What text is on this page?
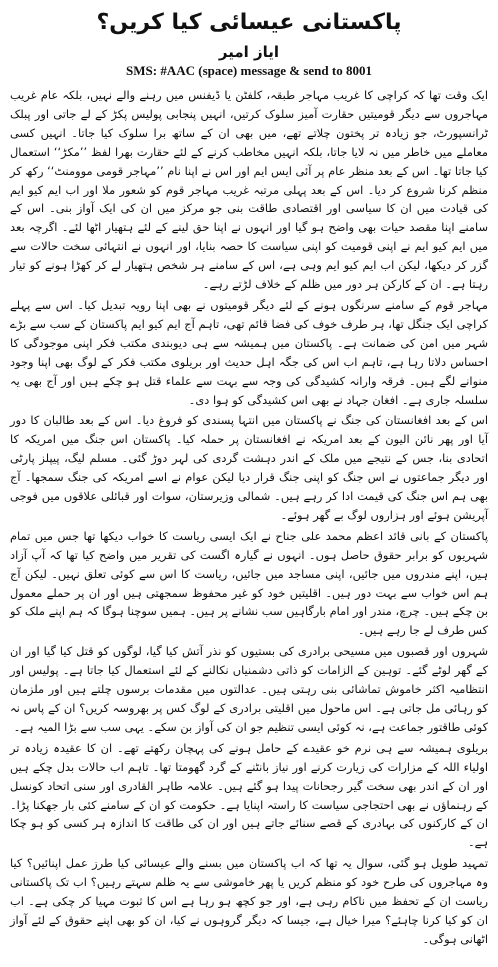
پاکستانی عیسائی کیا کریں؟
ایاز امیر
SMS: #AAC (space) message & send to 8001

ایک وقت تھا کہ کراچی کا غریب مہاجر طبقہ، کلفٹن یا ڈیفنس میں رہنے والے نہیں، بلکہ عام غریب مہاجروں سے دیگر قومیتیں حقارت آمیز سلوک کرتیں، انہیں پنجابی پولیس پکڑ کے لے جاتی اور پبلک ٹرانسپورٹ، جو زیادہ تر پختون چلاتے تھے، میں بھی ان کے ساتھ برا سلوک کیا جاتا۔ انہیں کسی معاملے میں خاطر میں نہ لایا جاتا، بلکہ انہیں مخاطب کرنے کے لئے حقارت بھرا لفظ ’’مکڑ‘‘ استعمال کیا جاتا تھا۔ اس کے بعد منظر عام پر آئی ایس ایم اور اس نے اپنا نام ’’مہاجر قومی موومنٹ‘‘ رکھ کر منظم کرنا شروع کر دیا۔ اس کے بعد پہلی مرتبہ غریب مہاجر قوم کو شعور ملا اور اب ایم کیو ایم کی قیادت میں ان کا سیاسی اور اقتصادی طاقت بنی جو مرکز میں ان کی ایک آواز بنی۔ اس کے سامنے اپنا مقصد حیات بھی واضح ہو گیا اور انہوں نے اپنا حق لینے کے لئے ہتھیار اٹھا لئے۔ اگرچہ بعد میں ایم کیو ایم نے اپنی قومیت کو اپنی سیاست کا حصہ بنایا، اور انہوں نے انتہائی سخت حالات سے گزر کر دیکھا، لیکن اب ایم کیو ایم وہی ہے، اس کے سامنے ہر شخص ہتھیار لے کر کھڑا ہونے کو تیار رہتا ہے۔ ان کے کارکن ہر دور میں ظلم کے خلاف لڑتے رہے۔

مہاجر قوم کے سامنے سرنگوں ہونے کے لئے دیگر قومیتوں نے بھی اپنا رویہ تبدیل کیا۔ اس سے پہلے کراچی ایک جنگل تھا، ہر طرف خوف کی فضا قائم تھی، تاہم آج ایم کیو ایم پاکستان کے سب سے بڑے شہر میں امن کی ضمانت ہے۔ پاکستان میں ہمیشہ سے ہی دیوبندی مکتب فکر اپنی موجودگی کا احساس دلاتا رہا ہے، تاہم اب اس کی جگہ اہل حدیث اور بریلوی مکتب فکر کے لوگ بھی اپنا وجود منوانے لگے ہیں۔ فرقہ وارانہ کشیدگی کی وجہ سے بہت سے علماء قتل ہو چکے ہیں اور آج بھی یہ سلسلہ جاری ہے۔ افغان جہاد نے بھی اس کشیدگی کو ہوا دی۔

اس کے بعد افغانستان کی جنگ نے پاکستان میں انتہا پسندی کو فروغ دیا۔ اس کے بعد طالبان کا دور آیا اور پھر نائن الیون کے بعد امریکہ نے افغانستان پر حملہ کیا۔ پاکستان اس جنگ میں امریکہ کا اتحادی بنا، جس کے نتیجے میں ملک کے اندر دہشت گردی کی لہر دوڑ گئی۔ مسلم لیگ، پیپلز پارٹی اور دیگر جماعتوں نے اس جنگ کو اپنی جنگ قرار دیا لیکن عوام نے اسے امریکہ کی جنگ سمجھا۔ آج بھی ہم اس جنگ کی قیمت ادا کر رہے ہیں۔ شمالی وزیرستان، سوات اور قبائلی علاقوں میں فوجی آپریشن ہوئے اور ہزاروں لوگ بے گھر ہوئے۔

پاکستان کے بانی قائد اعظم محمد علی جناح نے ایک ایسی ریاست کا خواب دیکھا تھا جس میں تمام شہریوں کو برابر حقوق حاصل ہوں۔ انہوں نے گیارہ اگست کی تقریر میں واضح کیا تھا کہ آپ آزاد ہیں، اپنے مندروں میں جائیں، اپنی مساجد میں جائیں، ریاست کا اس سے کوئی تعلق نہیں۔ لیکن آج ہم اس خواب سے بہت دور ہیں۔ اقلیتیں خود کو غیر محفوظ سمجھتی ہیں اور ان پر حملے معمول بن چکے ہیں۔ چرچ، مندر اور امام بارگاہیں سب نشانے پر ہیں۔ ہمیں سوچنا ہوگا کہ ہم اپنے ملک کو کس طرف لے جا رہے ہیں۔

شہروں اور قصبوں میں مسیحی برادری کی بستیوں کو نذر آتش کیا گیا، لوگوں کو قتل کیا گیا اور ان کے گھر لوٹے گئے۔ توہین کے الزامات کو ذاتی دشمنیاں نکالنے کے لئے استعمال کیا جاتا ہے۔ پولیس اور انتظامیہ اکثر خاموش تماشائی بنی رہتی ہیں۔ عدالتوں میں مقدمات برسوں چلتے ہیں اور ملزمان کو رہائی مل جاتی ہے۔ اس ماحول میں اقلیتی برادری کے لوگ کس پر بھروسہ کریں؟ ان کے پاس نہ کوئی طاقتور جماعت ہے، نہ کوئی ایسی تنظیم جو ان کی آواز بن سکے۔ یہی سب سے بڑا المیہ ہے۔

بریلوی ہمیشہ سے ہی نرم خو عقیدے کے حامل ہونے کی پہچان رکھتے تھے۔ ان کا عقیدہ زیادہ تر اولیاء اللہ کے مزارات کی زیارت کرنے اور نیاز بانٹنے کے گرد گھومتا تھا۔ تاہم اب حالات بدل چکے ہیں اور ان کے اندر بھی سخت گیر رجحانات پیدا ہو گئے ہیں۔ علامہ طاہر القادری اور سنی اتحاد کونسل کے رہنماؤں نے بھی احتجاجی سیاست کا راستہ اپنایا ہے۔ حکومت کو ان کے سامنے کئی بار جھکنا پڑا۔ ان کے کارکنوں کی بہادری کے قصے سنائے جاتے ہیں اور ان کی طاقت کا اندازہ ہر کسی کو ہو چکا ہے۔

تمہید طویل ہو گئی، سوال یہ تھا کہ اب پاکستان میں بسنے والے عیسائی کیا طرز عمل اپنائیں؟ کیا وہ مہاجروں کی طرح خود کو منظم کریں یا پھر خاموشی سے یہ ظلم سہتے رہیں؟ اب تک پاکستانی ریاست ان کے تحفظ میں ناکام رہی ہے، اور جو کچھ ہو رہا ہے اس کا ثبوت مہیا کر چکی ہے۔ اب ان کو کیا کرنا چاہئے؟ میرا خیال ہے، جیسا کہ دیگر گروہوں نے کیا، ان کو بھی اپنے حقوق کے لئے آواز اٹھانی ہوگی۔
